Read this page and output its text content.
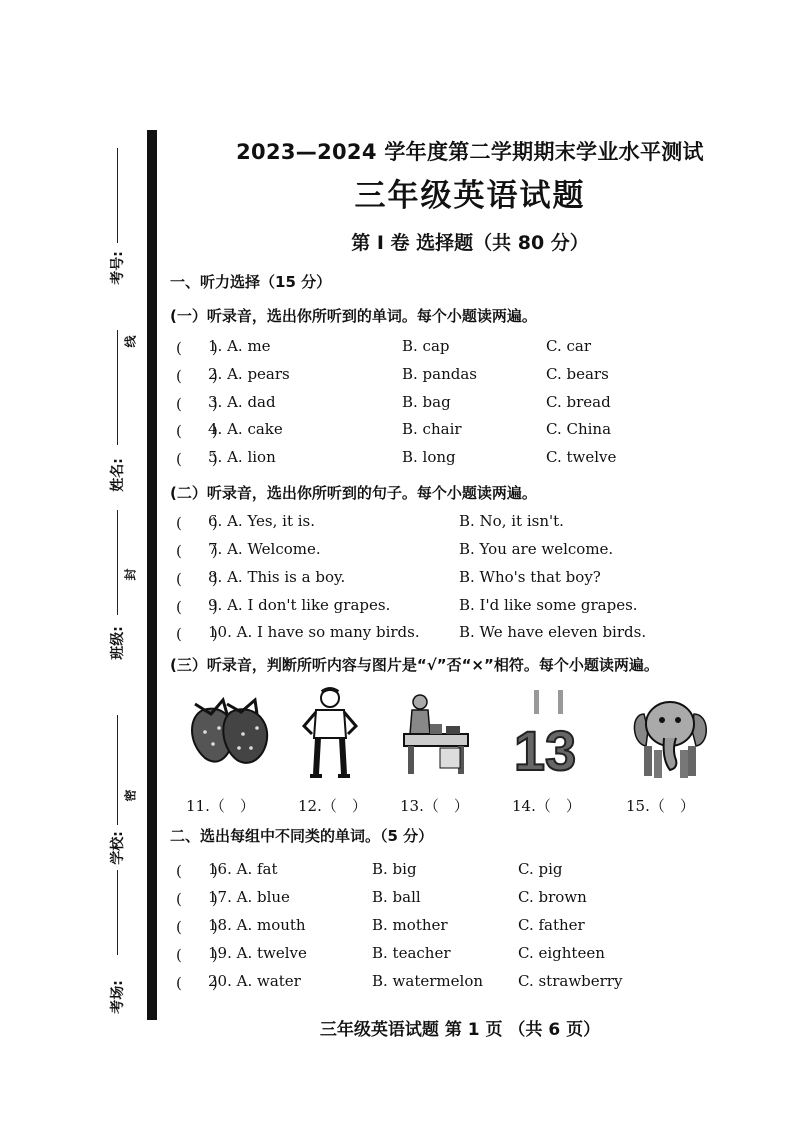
考号:
线
姓名:
封
班级:
密
学校:
考场:
2023—2024 学年度第二学期期末学业水平测试
三年级英语试题
第 I 卷 选择题（共 80 分）
一、听力选择（15 分）
(一）听录音，选出你所听到的单词。每个小题读两遍。
(　　)
1. A. me	B. cap	C. car
(　　)
2. A. pears	B. pandas	C. bears
(　　)
3. A. dad	B. bag	C. bread
(　　)
4. A. cake	B. chair	C. China
(　　)
5. A. lion	B. long	C. twelve
(二）听录音，选出你所听到的句子。每个小题读两遍。
(　　)
6. A. Yes, it is.	B. No, it isn't.
(　　)
7. A. Welcome.	B. You are welcome.
(　　)
8. A. This is a boy.	B. Who's that boy?
(　　)
9. A. I don't like grapes.	B. I'd like some grapes.
(　　)
10. A. I have so many birds.	B. We have eleven birds.
(三）听录音，判断所听内容与图片是“√”否“×”相符。每个小题读两遍。
13
11.（　）	12.（　） 13.（　）	14.（　）	15.（　）
二、选出每组中不同类的单词。（5 分）
(　　)
16. A. fat	B. big	C. pig
(　　)
17. A. blue	B. ball	C. brown
(　　)
18. A. mouth	B. mother	C. father
(　　)
19. A. twelve	B. teacher	C. eighteen
(　　)
20. A. water	B. watermelon C. strawberry
三年级英语试题 第 1 页 （共 6 页）
